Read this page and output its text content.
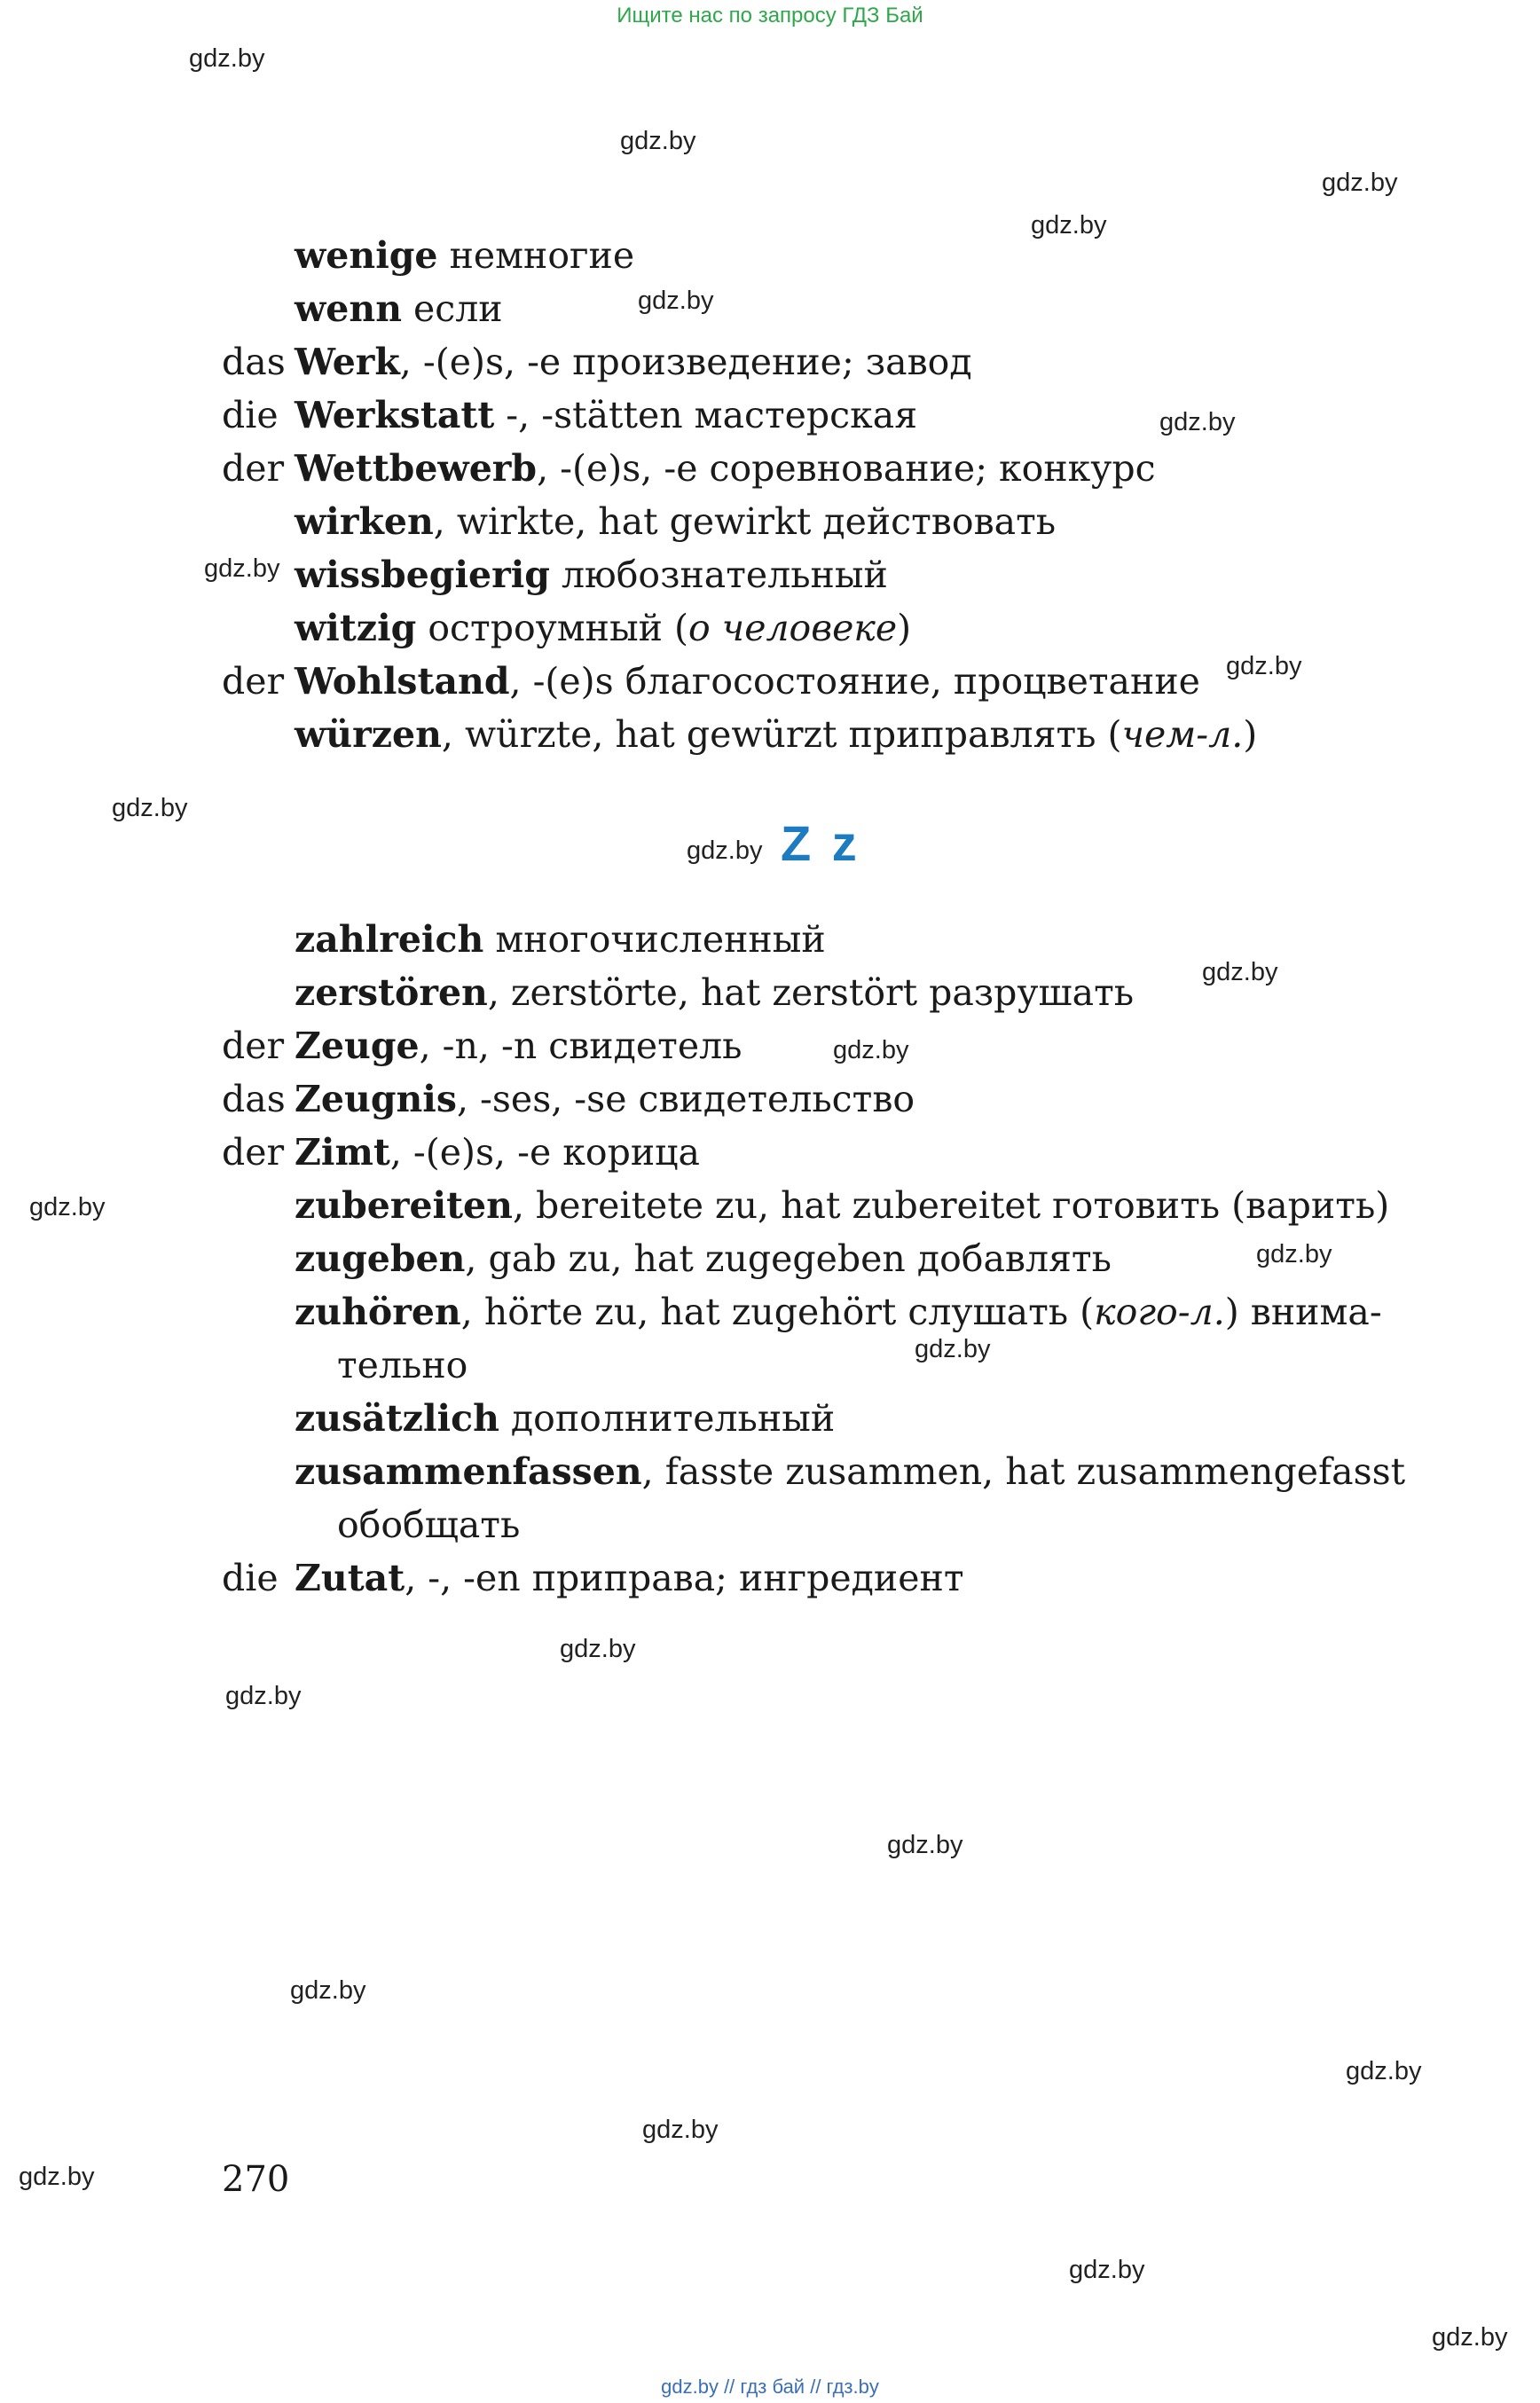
Ищите нас по запросу ГДЗ Бай
gdz.by
gdz.by
gdz.by
gdz.by
gdz.by
gdz.by
gdz.by
gdz.by
gdz.by
gdz.by
gdz.by
gdz.by
gdz.by
gdz.by
gdz.by
gdz.by
gdz.by
gdz.by
gdz.by
gdz.by
gdz.by
gdz.by
gdz.by
gdz.by
wenige немногие
wenn если
das Werk, -(e)s, -e произведение; завод
die Werkstatt -, -stätten мастерская
der Wettbewerb, -(e)s, -e соревнование; конкурс
wirken, wirkte, hat gewirkt действовать
wissbegierig любознательный
witzig остроумный (о человеке)
der Wohlstand, -(e)s благосостояние, процветание
würzen, würzte, hat gewürzt приправлять (чем-л.)
Z z
zahlreich многочисленный
zerstören, zerstörte, hat zerstört разрушать
der Zeuge, -n, -n свидетель
das Zeugnis, -ses, -se свидетельство
der Zimt, -(e)s, -e корица
zubereiten, bereitete zu, hat zubereitet готовить (варить)
zugeben, gab zu, hat zugegeben добавлять
zuhören, hörte zu, hat zugehört слушать (кого-л.) внима-
тельно
zusätzlich дополнительный
zusammenfassen, fasste zusammen, hat zusammengefasst
обобщать
die Zutat, -, -en приправа; ингредиент
270
gdz.by // гдз бай // гдз.by
